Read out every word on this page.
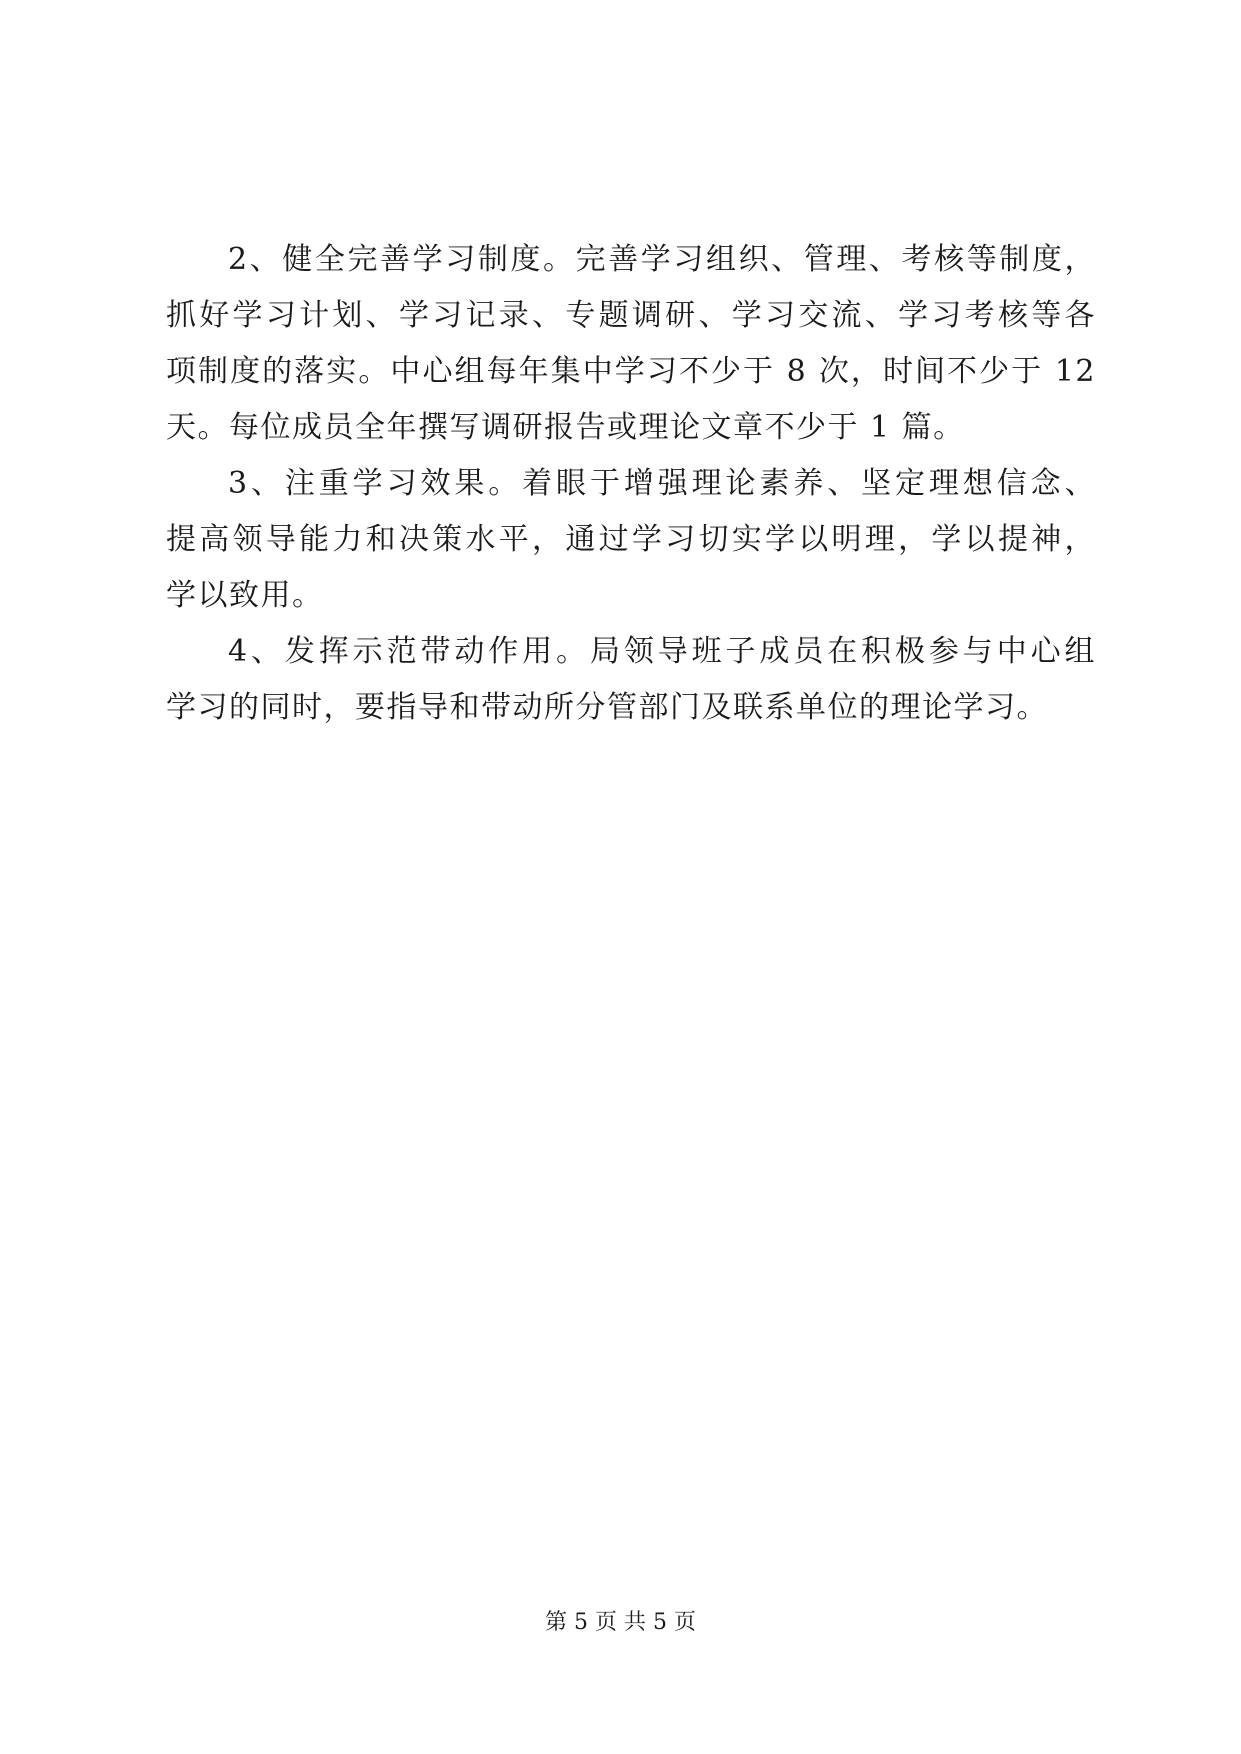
2、健全完善学习制度。完善学习组织、管理、考核等制度，
抓好学习计划、学习记录、专题调研、学习交流、学习考核等各
项制度的落实。中心组每年集中学习不少于 8 次，时间不少于 12
天。每位成员全年撰写调研报告或理论文章不少于 1 篇。
3、注重学习效果。着眼于增强理论素养、坚定理想信念、
提高领导能力和决策水平，通过学习切实学以明理，学以提神，
学以致用。
4、发挥示范带动作用。局领导班子成员在积极参与中心组
学习的同时，要指导和带动所分管部门及联系单位的理论学习。
第 5 页 共 5 页
